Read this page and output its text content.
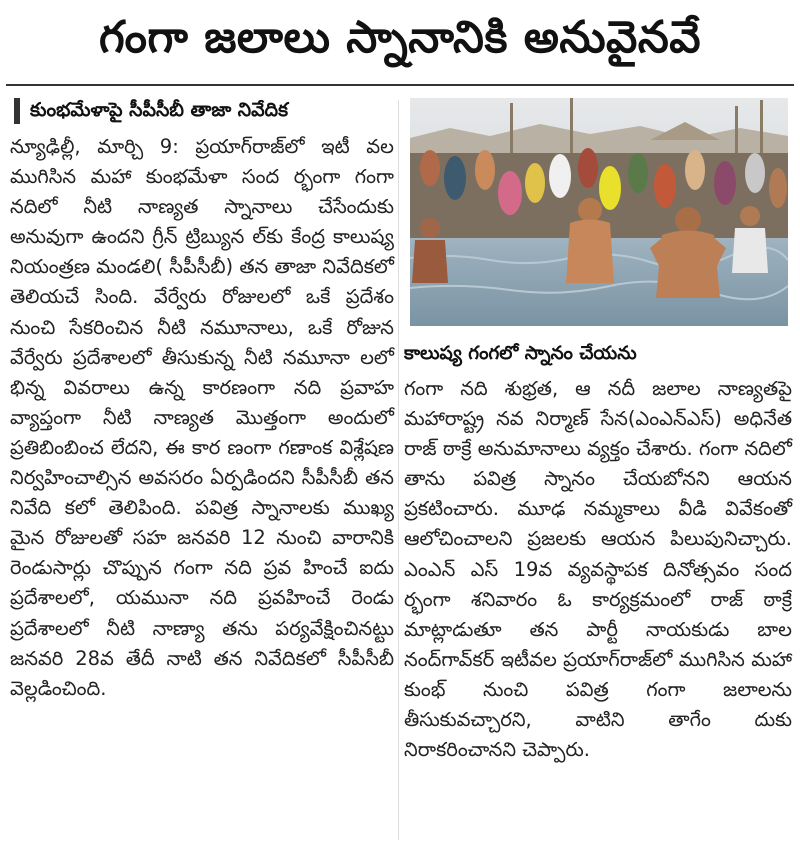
గంగా జలాలు స్నానానికి అనువైనవే
కుంభమేళాపై సీపీసీబీ తాజా నివేదిక

న్యూఢిల్లీ, మార్చి 9: ప్రయాగ్‌రాజ్‌లో ఇటీ వల ముగిసిన మహా కుంభమేళా సంద ర్భంగా గంగా నదిలో నీటి నాణ్యత స్నానాలు చేసేందుకు అనువుగా ఉందని గ్రీన్ ట్రిబ్యున ల్‌కు కేంద్ర కాలుష్య నియంత్రణ మండలి( సీపీసీబీ) తన తాజా నివేదికలో తెలియచే సింది. వేర్వేరు రోజులలో ఒకే ప్రదేశం నుంచి సేకరించిన నీటి నమూనాలు, ఒకే రోజున వేర్వేరు ప్రదేశాలలో తీసుకున్న నీటి నమూనా లలో భిన్న వివరాలు ఉన్న కారణంగా నది ప్రవాహ వ్యాప్తంగా నీటి నాణ్యత మొత్తంగా అందులో ప్రతిబింబించ లేదని, ఈ కార ణంగా గణాంక విశ్లేషణ నిర్వహించాల్సిన అవసరం ఏర్పడిందని సీపీసీబీ తన నివేది కలో తెలిపింది. పవిత్ర స్నానాలకు ముఖ్య మైన రోజులతో సహ జనవరి 12 నుంచి వారానికి రెండుసార్లు చొప్పున గంగా నది ప్రవ హించే ఐదు ప్రదేశాలలో, యమునా నది ప్రవహించే రెండు ప్రదేశాలలో నీటి నాణ్యా తను పర్యవేక్షించినట్టు జనవరి 28వ తేదీ నాటి తన నివేదికలో సీపీసీబీ వెల్లడించింది.

కాలుష్య గంగలో స్నానం చేయను

గంగా నది శుభ్రత, ఆ నదీ జలాల నాణ్యతపై మహారాష్ట్ర నవ నిర్మాణ్ సేన(ఎంఎన్ఎస్) అధినేత రాజ్ ఠాక్రే అనుమానాలు వ్యక్తం చేశారు. గంగా నదిలో తాను పవిత్ర స్నానం చేయబోనని ఆయన ప్రకటించారు. మూఢ నమ్మకాలు వీడి వివేకంతో ఆలోచించాలని ప్రజలకు ఆయన పిలుపునిచ్చారు. ఎంఎన్ ఎస్ 19వ వ్యవస్థాపక దినోత్సవం సంద ర్భంగా శనివారం ఓ కార్యక్రమంలో రాజ్ ఠాక్రే మాట్లాడుతూ తన పార్టీ నాయకుడు బాల నంద్‌గావ్‌కర్ ఇటీవల ప్రయాగ్‌రాజ్‌లో ముగిసిన మహా కుంభ్ నుంచి పవిత్ర గంగా జలాలను తీసుకువచ్చారని, వాటిని తాగేం దుకు నిరాకరించానని చెప్పారు.
